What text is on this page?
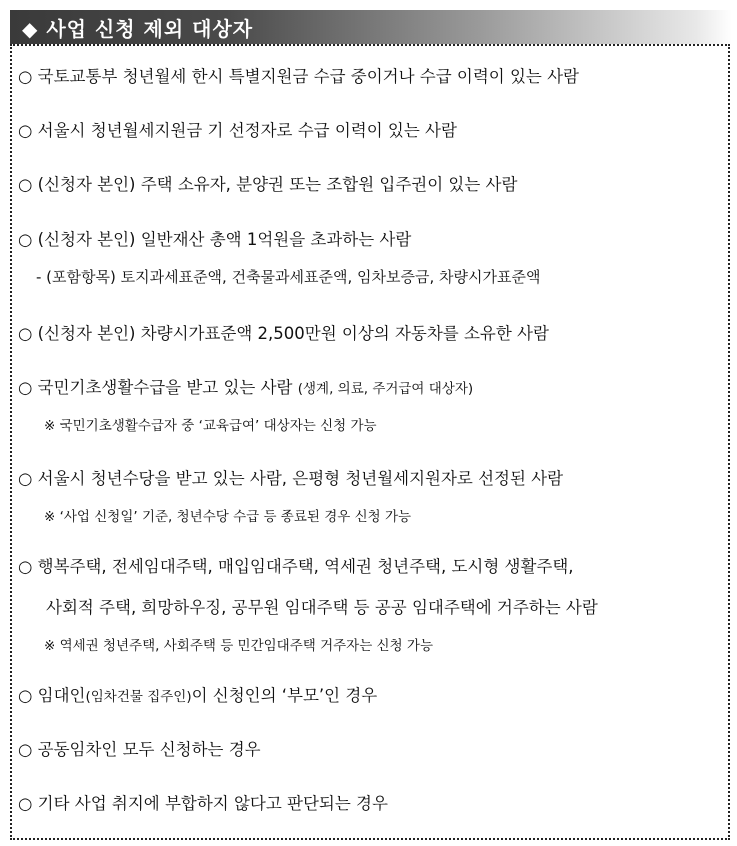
◆ 사업 신청 제외 대상자
○ 국토교통부 청년월세 한시 특별지원금 수급 중이거나 수급 이력이 있는 사람
○ 서울시 청년월세지원금 기 선정자로 수급 이력이 있는 사람
○ (신청자 본인) 주택 소유자, 분양권 또는 조합원 입주권이 있는 사람
○ (신청자 본인) 일반재산 총액 1억원을 초과하는 사람
- (포함항목) 토지과세표준액, 건축물과세표준액, 임차보증금, 차량시가표준액
○ (신청자 본인) 차량시가표준액 2,500만원 이상의 자동차를 소유한 사람
○ 국민기초생활수급을 받고 있는 사람 (생계, 의료, 주거급여 대상자)
※ 국민기초생활수급자 중 ‘교육급여’ 대상자는 신청 가능
○ 서울시 청년수당을 받고 있는 사람, 은평형 청년월세지원자로 선정된 사람
※ ‘사업 신청일’ 기준, 청년수당 수급 등 종료된 경우 신청 가능
○ 행복주택, 전세임대주택, 매입임대주택, 역세권 청년주택, 도시형 생활주택,
사회적 주택, 희망하우징, 공무원 임대주택 등 공공 임대주택에 거주하는 사람
※ 역세권 청년주택, 사회주택 등 민간임대주택 거주자는 신청 가능
○ 임대인(임차건물 집주인)이 신청인의 ‘부모’인 경우
○ 공동임차인 모두 신청하는 경우
○ 기타 사업 취지에 부합하지 않다고 판단되는 경우
